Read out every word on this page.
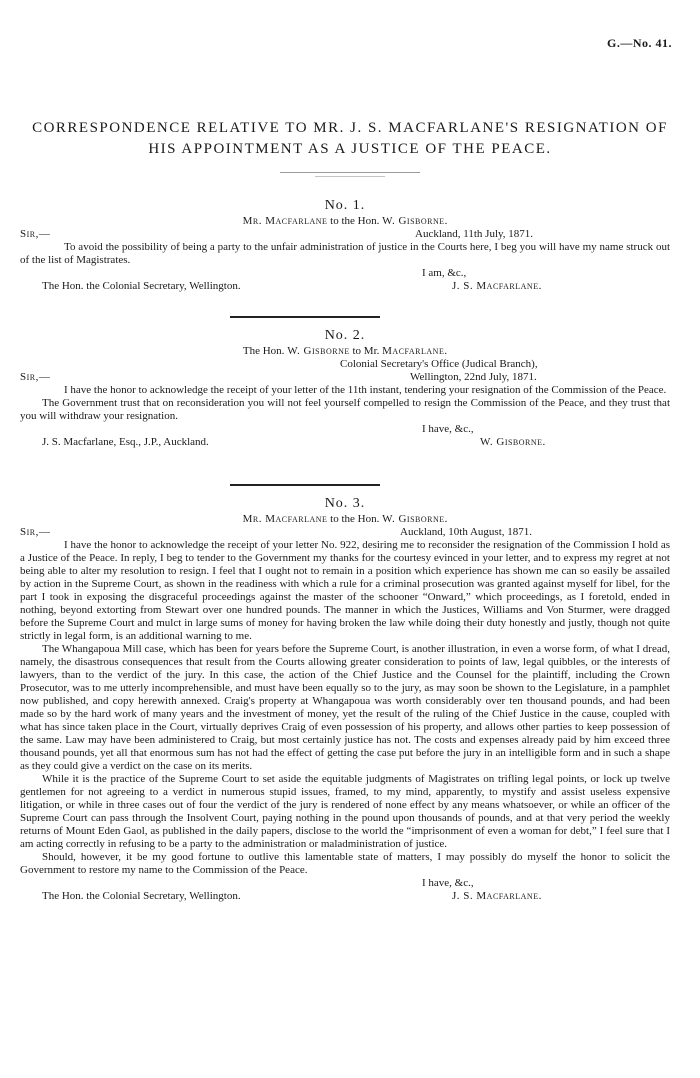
G.—No. 41.
CORRESPONDENCE RELATIVE TO MR. J. S. MACFARLANE'S RESIGNATION OF
HIS APPOINTMENT AS A JUSTICE OF THE PEACE.
No. 1.
Mr. Macfarlane to the Hon. W. Gisborne.
Sir,—	Auckland, 11th July, 1871.

To avoid the possibility of being a party to the unfair administration of justice in the Courts here, I beg you will have my name struck out of the list of Magistrates.

I am, &c.,
The Hon. the Colonial Secretary, Wellington.	J. S. Macfarlane.
No. 2.
The Hon. W. Gisborne to Mr. Macfarlane.
Colonial Secretary's Office (Judical Branch),
Sir,—	Wellington, 22nd July, 1871.

I have the honor to acknowledge the receipt of your letter of the 11th instant, tendering your resignation of the Commission of the Peace.

The Government trust that on reconsideration you will not feel yourself compelled to resign the Commission of the Peace, and they trust that you will withdraw your resignation.

I have, &c.,
J. S. Macfarlane, Esq., J.P., Auckland.	W. Gisborne.
No. 3.
Mr. Macfarlane to the Hon. W. Gisborne.
Sir,—	Auckland, 10th August, 1871.

I have the honor to acknowledge the receipt of your letter No. 922, desiring me to reconsider the resignation of the Commission I hold as a Justice of the Peace. In reply, I beg to tender to the Government my thanks for the courtesy evinced in your letter, and to express my regret at not being able to alter my resolution to resign. I feel that I ought not to remain in a position which experience has shown me can so easily be assailed by action in the Supreme Court, as shown in the readiness with which a rule for a criminal prosecution was granted against myself for libel, for the part I took in exposing the disgraceful proceedings against the master of the schooner “Onward,” which proceedings, as I foretold, ended in nothing, beyond extorting from Stewart over one hundred pounds. The manner in which the Justices, Williams and Von Sturmer, were dragged before the Supreme Court and mulct in large sums of money for having broken the law while doing their duty honestly and justly, though not quite strictly in legal form, is an additional warning to me.

The Whangapoua Mill case, which has been for years before the Supreme Court, is another illustration, in even a worse form, of what I dread, namely, the disastrous consequences that result from the Courts allowing greater consideration to points of law, legal quibbles, or the interests of lawyers, than to the verdict of the jury. In this case, the action of the Chief Justice and the Counsel for the plaintiff, including the Crown Prosecutor, was to me utterly incomprehensible, and must have been equally so to the jury, as may soon be shown to the Legislature, in a pamphlet now published, and copy herewith annexed. Craig's property at Whangapoua was worth considerably over ten thousand pounds, and had been made so by the hard work of many years and the investment of money, yet the result of the ruling of the Chief Justice in the cause, coupled with what has since taken place in the Court, virtually deprives Craig of even possession of his property, and allows other parties to keep possession of the same. Law may have been administered to Craig, but most certainly justice has not. The costs and expenses already paid by him exceed three thousand pounds, yet all that enormous sum has not had the effect of getting the case put before the jury in an intelligible form and in such a shape as they could give a verdict on the case on its merits.

While it is the practice of the Supreme Court to set aside the equitable judgments of Magistrates on trifling legal points, or lock up twelve gentlemen for not agreeing to a verdict in numerous stupid issues, framed, to my mind, apparently, to mystify and assist useless expensive litigation, or while in three cases out of four the verdict of the jury is rendered of none effect by any means whatsoever, or while an officer of the Supreme Court can pass through the Insolvent Court, paying nothing in the pound upon thousands of pounds, and at that very period the weekly returns of Mount Eden Gaol, as published in the daily papers, disclose to the world the “imprisonment of even a woman for debt,” I feel sure that I am acting correctly in refusing to be a party to the administration or maladministration of justice.

Should, however, it be my good fortune to outlive this lamentable state of matters, I may possibly do myself the honor to solicit the Government to restore my name to the Commission of the Peace.

I have, &c.,
The Hon. the Colonial Secretary, Wellington.	J. S. Macfarlane.
